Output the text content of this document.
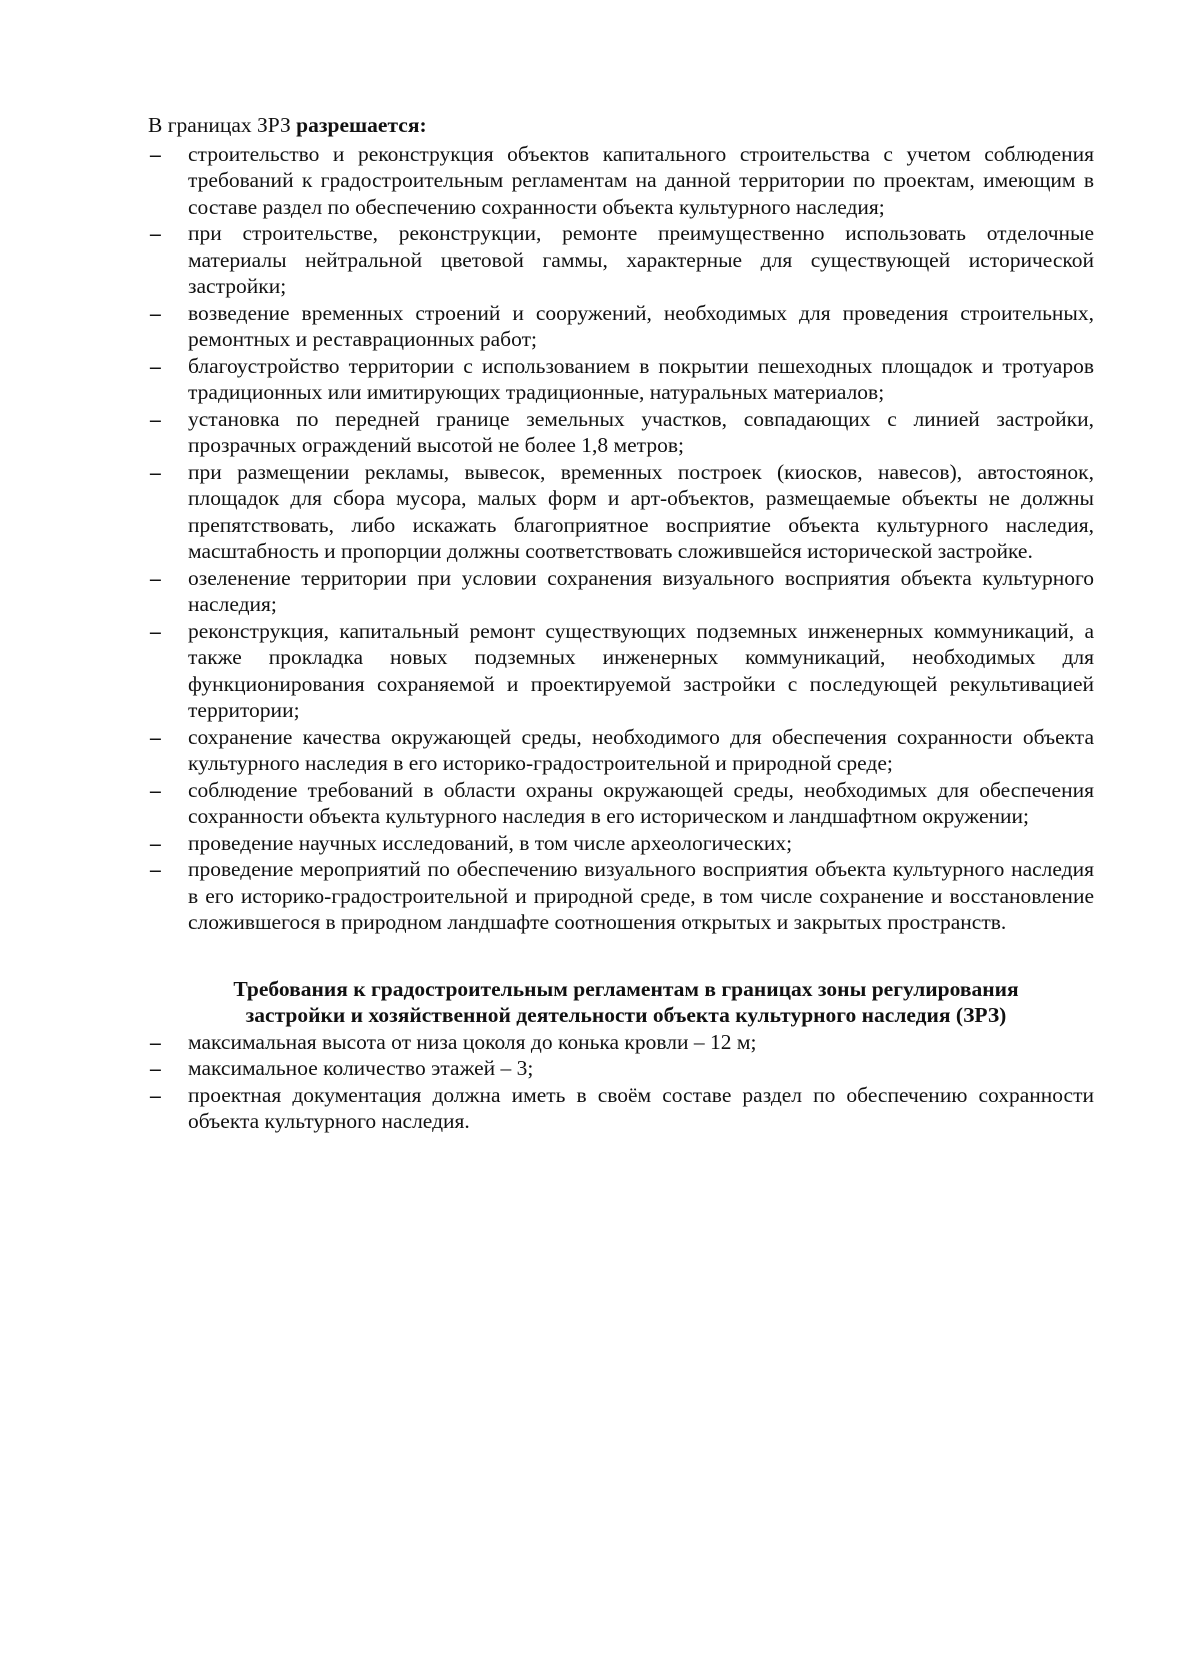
В границах ЗРЗ разрешается:

– строительство и реконструкция объектов капитального строительства с учетом соблюдения требований к градостроительным регламентам на данной территории по проектам, имеющим в составе раздел по обеспечению сохранности объекта культурного наследия;
– при строительстве, реконструкции, ремонте преимущественно использовать отделочные материалы нейтральной цветовой гаммы, характерные для существующей исторической застройки;
– возведение временных строений и сооружений, необходимых для проведения строительных, ремонтных и реставрационных работ;
– благоустройство территории с использованием в покрытии пешеходных площадок и тротуаров традиционных или имитирующих традиционные, натуральных материалов;
– установка по передней границе земельных участков, совпадающих с линией застройки, прозрачных ограждений высотой не более 1,8 метров;
– при размещении рекламы, вывесок, временных построек (киосков, навесов), автостоянок, площадок для сбора мусора, малых форм и арт-объектов, размещаемые объекты не должны препятствовать, либо искажать благоприятное восприятие объекта культурного наследия, масштабность и пропорции должны соответствовать сложившейся исторической застройке.
– озеленение территории при условии сохранения визуального восприятия объекта культурного наследия;
– реконструкция, капитальный ремонт существующих подземных инженерных коммуникаций, а также прокладка новых подземных инженерных коммуникаций, необходимых для функционирования сохраняемой и проектируемой застройки с последующей рекультивацией территории;
– сохранение качества окружающей среды, необходимого для обеспечения сохранности объекта культурного наследия в его историко-градостроительной и природной среде;
– соблюдение требований в области охраны окружающей среды, необходимых для обеспечения сохранности объекта культурного наследия в его историческом и ландшафтном окружении;
– проведение научных исследований, в том числе археологических;
– проведение мероприятий по обеспечению визуального восприятия объекта культурного наследия в его историко-градостроительной и природной среде, в том числе сохранение и восстановление сложившегося в природном ландшафте соотношения открытых и закрытых пространств.
Требования к градостроительным регламентам в границах зоны регулирования застройки и хозяйственной деятельности объекта культурного наследия (ЗРЗ)
– максимальная высота от низа цоколя до конька кровли – 12 м;
– максимальное количество этажей – 3;
– проектная документация должна иметь в своём составе раздел по обеспечению сохранности объекта культурного наследия.
